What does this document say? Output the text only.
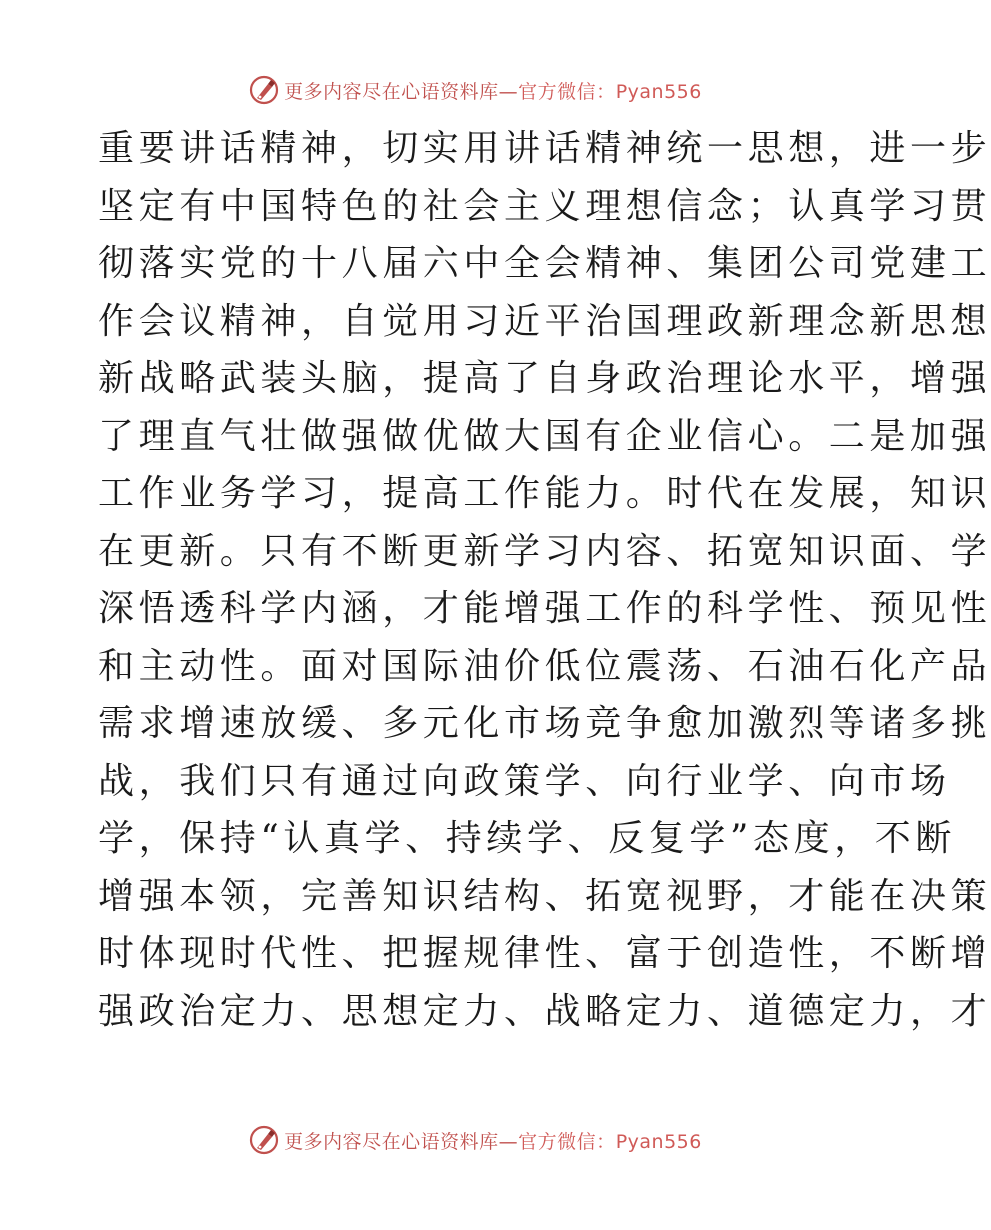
更多内容尽在心语资料库—官方微信：Pyan556
重要讲话精神，切实用讲话精神统一思想，进一步
坚定有中国特色的社会主义理想信念；认真学习贯
彻落实党的十八届六中全会精神、集团公司党建工
作会议精神，自觉用习近平治国理政新理念新思想
新战略武装头脑，提高了自身政治理论水平，增强
了理直气壮做强做优做大国有企业信心。二是加强
工作业务学习，提高工作能力。时代在发展，知识
在更新。只有不断更新学习内容、拓宽知识面、学
深悟透科学内涵，才能增强工作的科学性、预见性
和主动性。面对国际油价低位震荡、石油石化产品
需求增速放缓、多元化市场竞争愈加激烈等诸多挑
战，我们只有通过向政策学、向行业学、向市场
学，保持“认真学、持续学、反复学”态度，不断
增强本领，完善知识结构、拓宽视野，才能在决策
时体现时代性、把握规律性、富于创造性，不断增
强政治定力、思想定力、战略定力、道德定力，才
更多内容尽在心语资料库—官方微信：Pyan556
